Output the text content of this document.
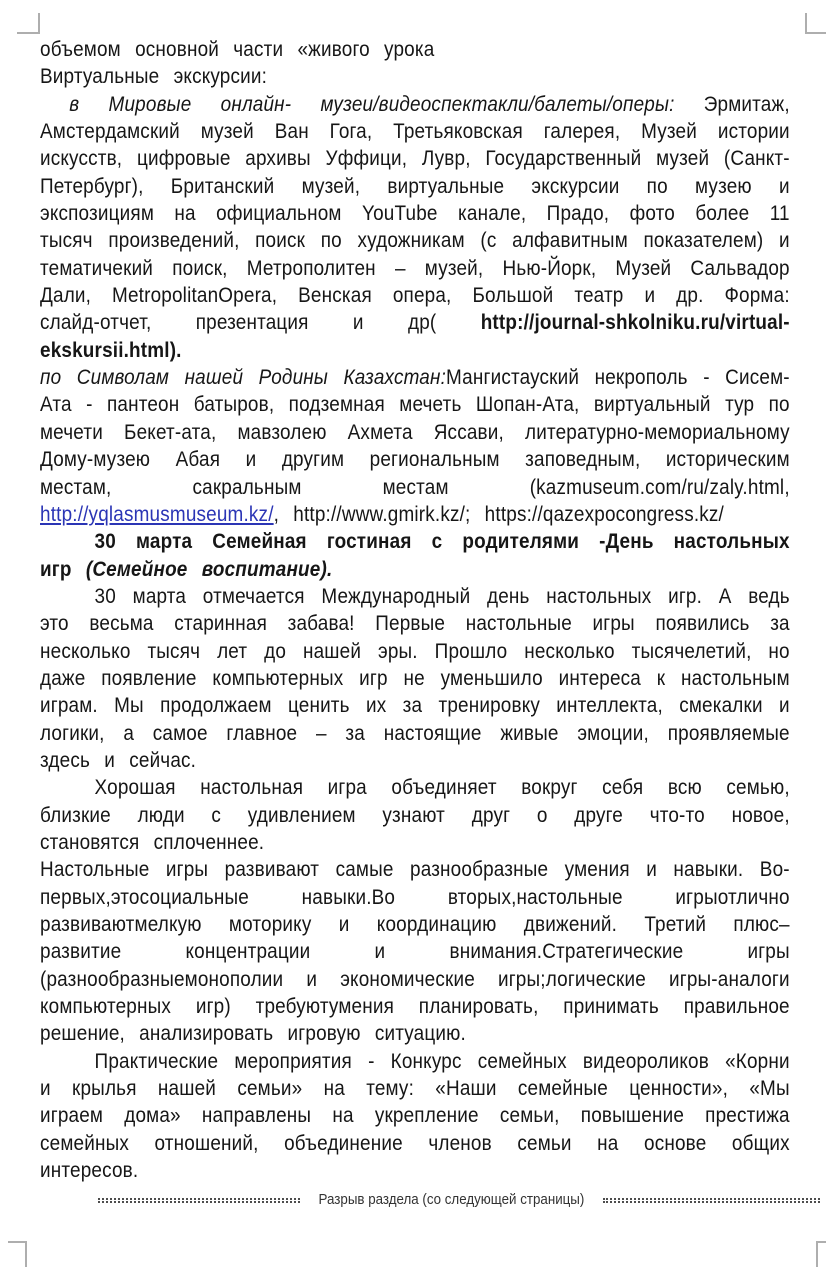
объемом основной части «живого урока

Виртуальные экскурсии:

в Мировые онлайн- музеи/видеоспектакли/балеты/оперы: Эрмитаж, Амстердамский музей Ван Гога, Третьяковская галерея, Музей истории искусств, цифровые архивы Уффици, Лувр, Государственный музей (Санкт-Петербург), Британский музей, виртуальные экскурсии по музею и экспозициям на официальном YouTube канале, Прадо, фото более 11 тысяч произведений, поиск по художникам (с алфавитным показателем) и тематичекий поиск, Метрополитен – музей, Нью-Йорк, Музей Сальвадор Дали, MetropolitanOpera, Венская опера, Большой театр и др. Форма: слайд-отчет, презентация и др( http://journal-shkolniku.ru/virtual-ekskursii.html).

по Символам нашей Родины Казахстан:Мангистауский некрополь - Сисем-Ата - пантеон батыров, подземная мечеть Шопан-Ата, виртуальный тур по мечети Бекет-ата, мавзолею Ахмета Яссави, литературно-мемориальному Дому-музею Абая и другим региональным заповедным, историческим местам, сакральным местам (kazmuseum.com/ru/zaly.html, http://yqlasmusmuseum.kz/, http://www.gmirk.kz/; https://qazexpocongress.kz/

30 марта Семейная гостиная с родителями -День настольных игр (Семейное воспитание).

30 марта отмечается Международный день настольных игр. А ведь это весьма старинная забава! Первые настольные игры появились за несколько тысяч лет до нашей эры. Прошло несколько тысячелетий, но даже появление компьютерных игр не уменьшило интереса к настольным играм. Мы продолжаем ценить их за тренировку интеллекта, смекалки и логики, а самое главное – за настоящие живые эмоции, проявляемые здесь и сейчас.

Хорошая настольная игра объединяет вокруг себя всю семью, близкие люди с удивлением узнают друг о друге что-то новое, становятся сплоченнее.

Настольные игры развивают самые разнообразные умения и навыки. Во-первых,этосоциальные навыки.Во вторых,настольные игрыотлично развиваютмелкую моторику и координацию движений. Третий плюс–развитие концентрации и внимания.Стратегические игры (разнообразныемонополии и экономические игры;логические игры-аналоги компьютерных игр) требуютумения планировать, принимать правильное решение, анализировать игровую ситуацию.

Практические мероприятия - Конкурс семейных видеороликов «Корни и крылья нашей семьи» на тему: «Наши семейные ценности», «Мы играем дома» направлены на укрепление семьи, повышение престижа семейных отношений, объединение членов семьи на основе общих интересов.

Разрыв раздела (со следующей страницы)
